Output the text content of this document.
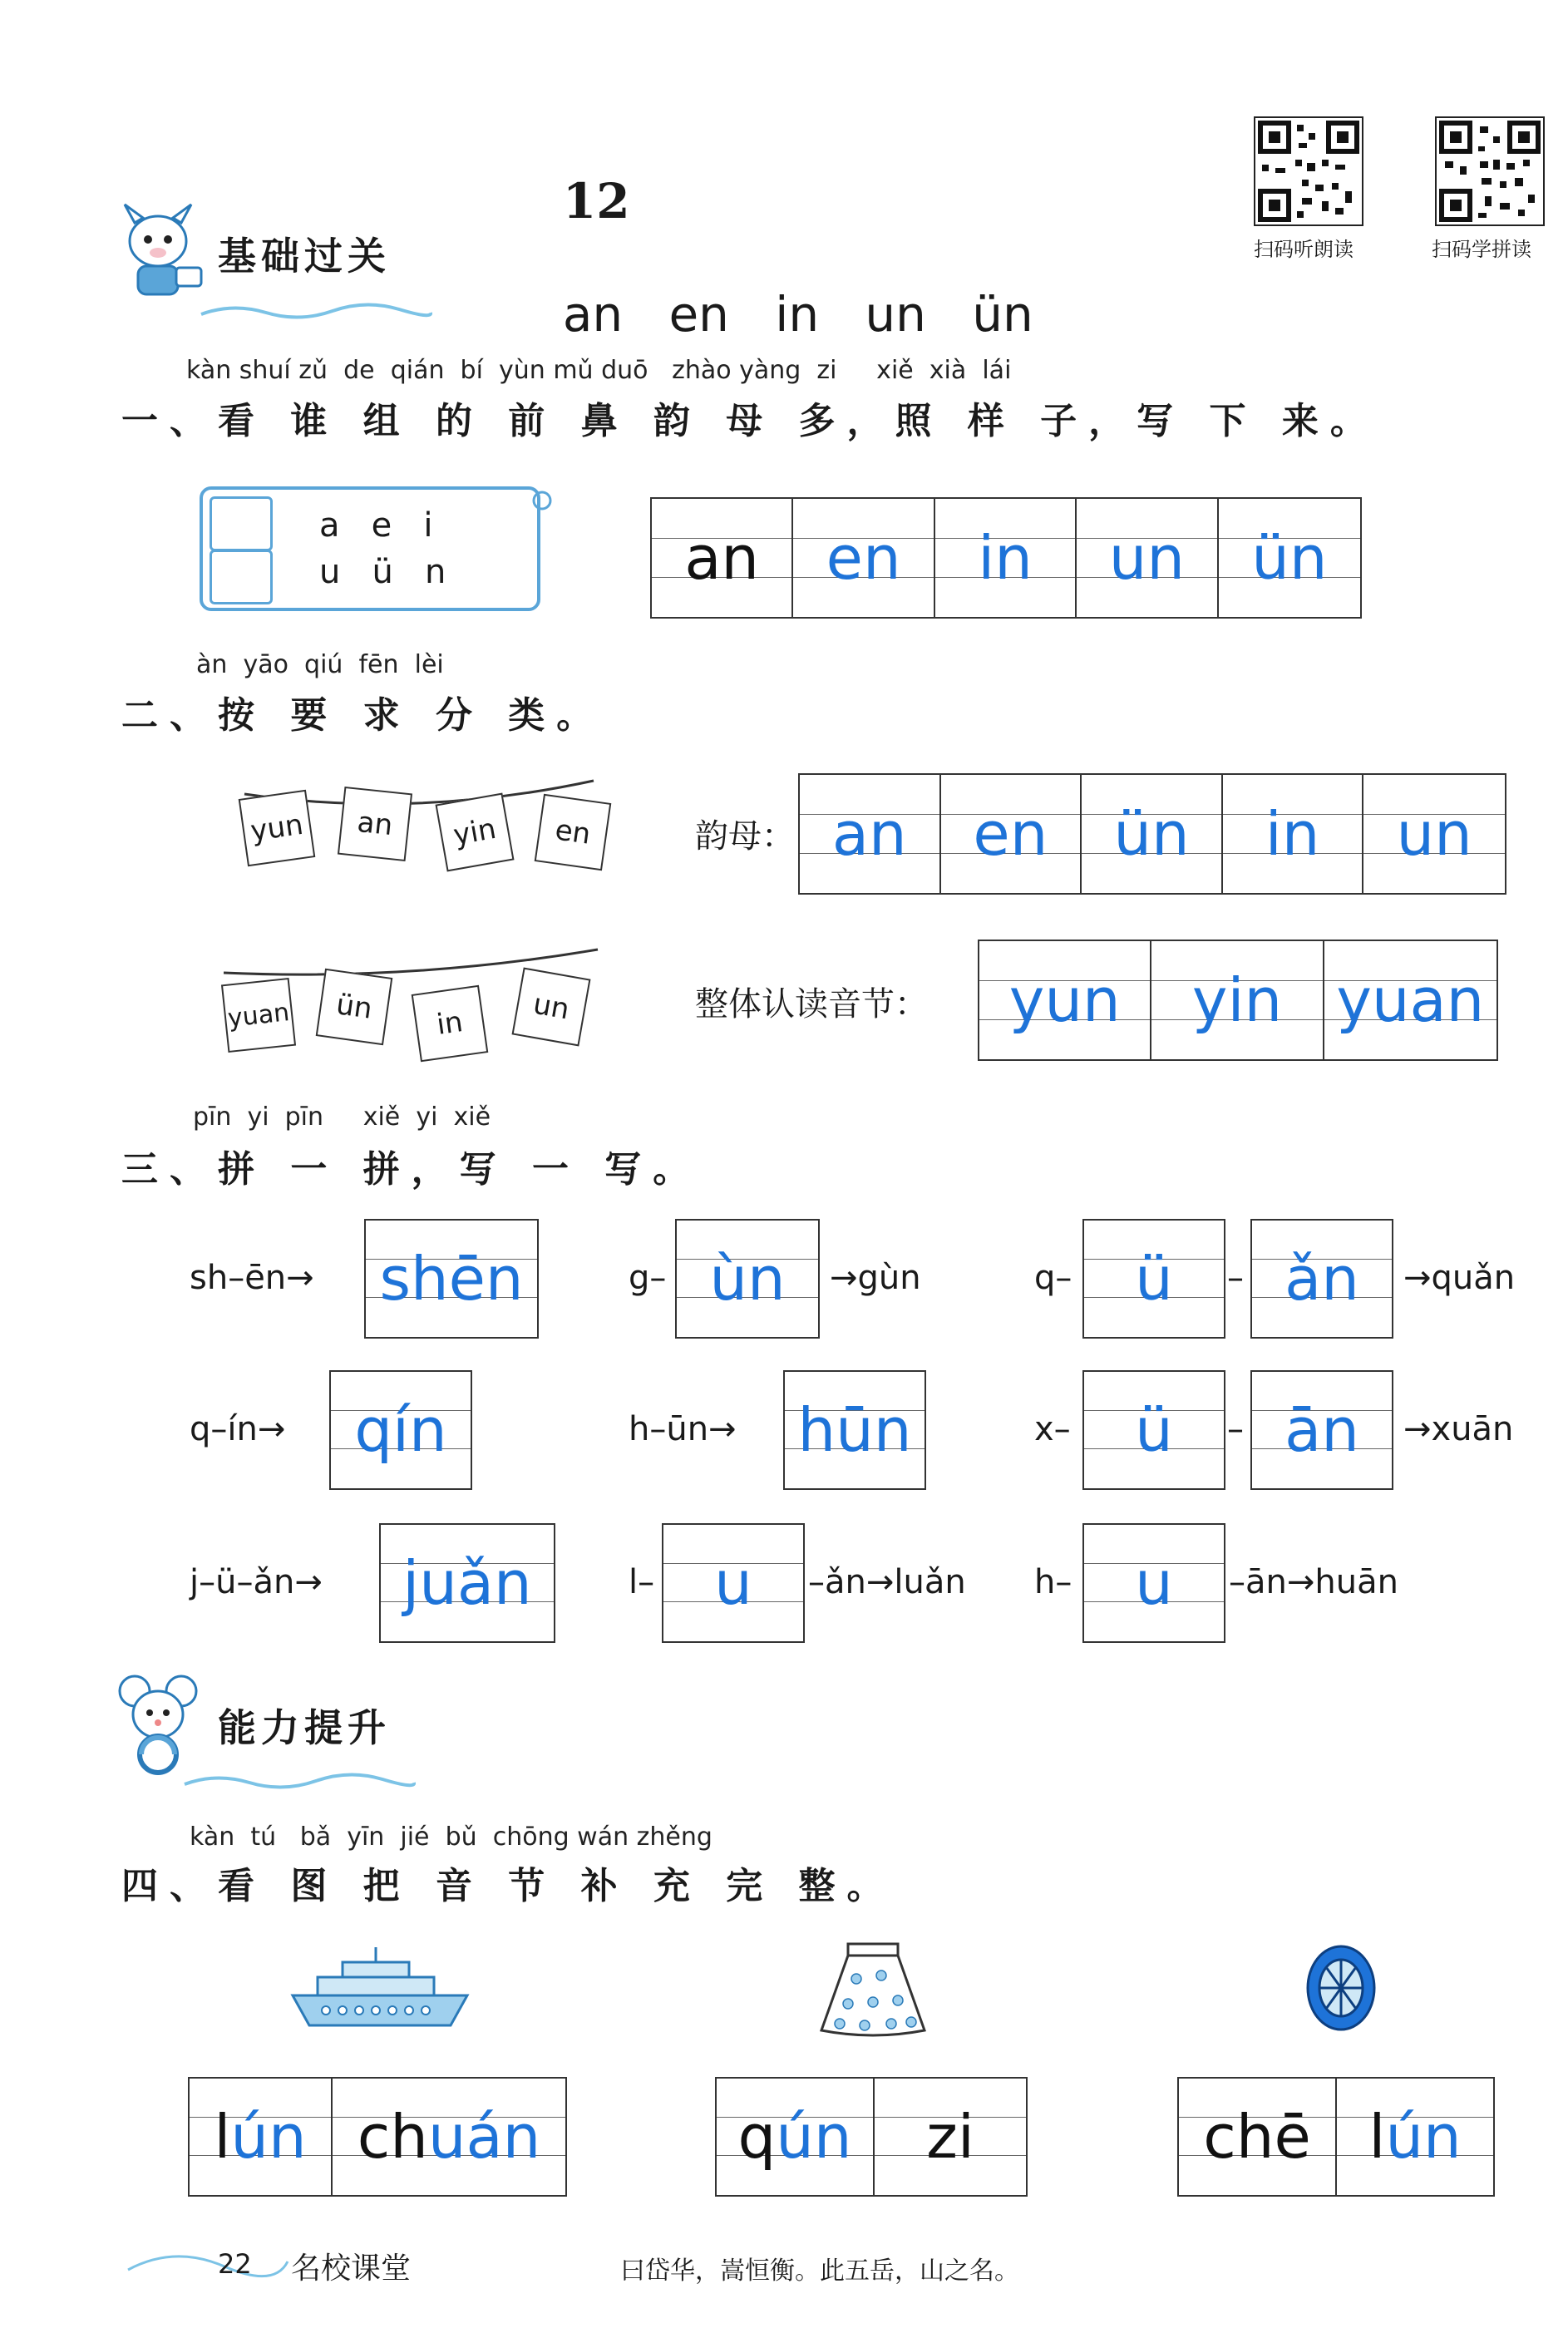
12

an   en   in   un   ün

扫码听朗读	扫码学拼读
基础过关
kàn shuí zǔ  de  qián  bí  yùn mǔ duō   zhào yàng  zi     xiě  xià  lái
一、看 谁 组 的 前 鼻 韵 母 多，照 样 子，写 下 来。
a   e   i
u   ü   n	an en in un ün
àn  yāo  qiú  fēn  lèi
二、按 要 求 分 类。
yun	an	yin	en
yuan	ün	in	un
韵母： an en ün in un
整体认读音节： yun yin yuan
pīn  yi  pīn     xiě  yi  xiě
三、拼 一 拼，写 一 写。
sh–ēn→ shēn	g– ùn →gùn	q– ü – ǎn →quǎn
q–ín→ qín	h–ūn→ hūn	x– ü – ān →xuān
j–ü–ǎn→ juǎn	l– u –ǎn→luǎn h– u –ān→huān
能力提升
kàn  tú   bǎ  yīn  jié  bǔ  chōng wán zhěng
四、看 图 把 音 节 补 充 完 整。
l ún ch uán	q ún zi	chē l ún
22 名校课堂	曰岱华，嵩恒衡。此五岳，山之名。
